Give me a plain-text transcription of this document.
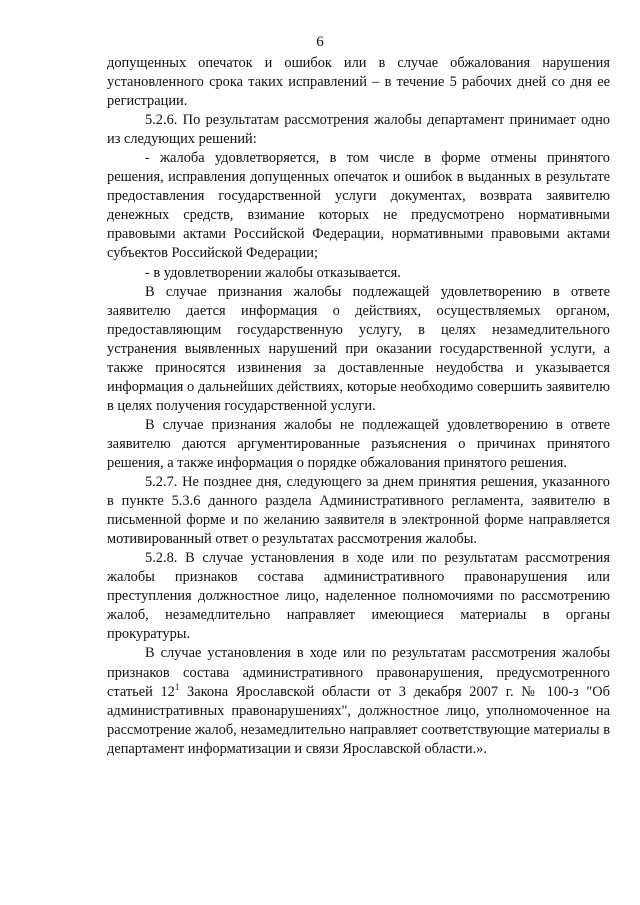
6

допущенных опечаток и ошибок или в случае обжалования нарушения установленного срока таких исправлений – в течение 5 рабочих дней со дня ее регистрации.

5.2.6. По результатам рассмотрения жалобы департамент принимает одно из следующих решений:

- жалоба удовлетворяется, в том числе в форме отмены принятого решения, исправления допущенных опечаток и ошибок в выданных в результате предоставления государственной услуги документах, возврата заявителю денежных средств, взимание которых не предусмотрено нормативными правовыми актами Российской Федерации, нормативными правовыми актами субъектов Российской Федерации;

- в удовлетворении жалобы отказывается.

В случае признания жалобы подлежащей удовлетворению в ответе заявителю дается информация о действиях, осуществляемых органом, предоставляющим государственную услугу, в целях незамедлительного устранения выявленных нарушений при оказании государственной услуги, а также приносятся извинения за доставленные неудобства и указывается информация о дальнейших действиях, которые необходимо совершить заявителю в целях получения государственной услуги.

В случае признания жалобы не подлежащей удовлетворению в ответе заявителю даются аргументированные разъяснения о причинах принятого решения, а также информация о порядке обжалования принятого решения.

5.2.7. Не позднее дня, следующего за днем принятия решения, указанного в пункте 5.3.6 данного раздела Административного регламента, заявителю в письменной форме и по желанию заявителя в электронной форме направляется мотивированный ответ о результатах рассмотрения жалобы.

5.2.8. В случае установления в ходе или по результатам рассмотрения жалобы признаков состава административного правонарушения или преступления должностное лицо, наделенное полномочиями по рассмотрению жалоб, незамедлительно направляет имеющиеся материалы в органы прокуратуры.

В случае установления в ходе или по результатам рассмотрения жалобы признаков состава административного правонарушения, предусмотренного статьей $12^1$ Закона Ярославской области от 3 декабря 2007 г. № 100-з "Об административных правонарушениях", должностное лицо, уполномоченное на рассмотрение жалоб, незамедлительно направляет соответствующие материалы в департамент информатизации и связи Ярославской области.».
